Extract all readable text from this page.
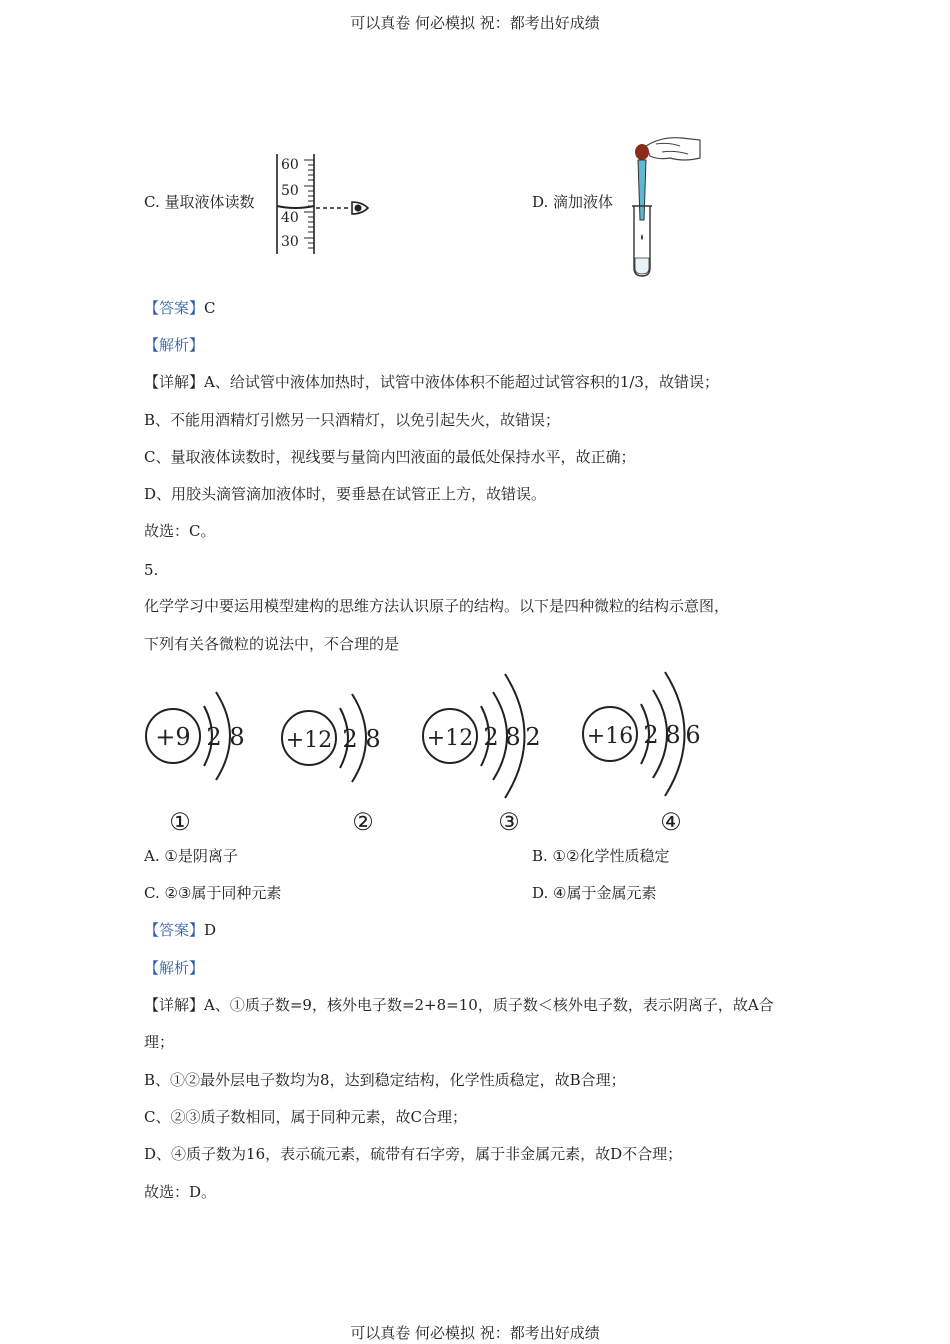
可以真卷 何必模拟 祝：都考出好成绩
可以真卷 何必模拟 祝：都考出好成绩
C. 量取液体读数
60
50
40
30
D. 滴加液体
【答案】C
【解析】
【详解】A、给试管中液体加热时，试管中液体体积不能超过试管容积的1/3，故错误；
B、不能用酒精灯引燃另一只酒精灯，以免引起失火，故错误；
C、量取液体读数时，视线要与量筒内凹液面的最低处保持水平，故正确；
D、用胶头滴管滴加液体时，要垂悬在试管正上方，故错误。
故选：C。
5.
化学学习中要运用模型建构的思维方法认识原子的结构。以下是四种微粒的结构示意图，
下列有关各微粒的说法中，不合理的是
+9 2 8
①
+12 2 8
②
+12 2 8 2
③
+16 2 8 6
④
A. ①是阴离子	B. ①②化学性质稳定
C. ②③属于同种元素	D. ④属于金属元素
【答案】D
【解析】
【详解】A、①质子数=9，核外电子数=2+8=10，质子数＜核外电子数，表示阴离子，故A合
理；
B、①②最外层电子数均为8，达到稳定结构，化学性质稳定，故B合理；
C、②③质子数相同，属于同种元素，故C合理；
D、④质子数为16，表示硫元素，硫带有石字旁，属于非金属元素，故D不合理；
故选：D。
